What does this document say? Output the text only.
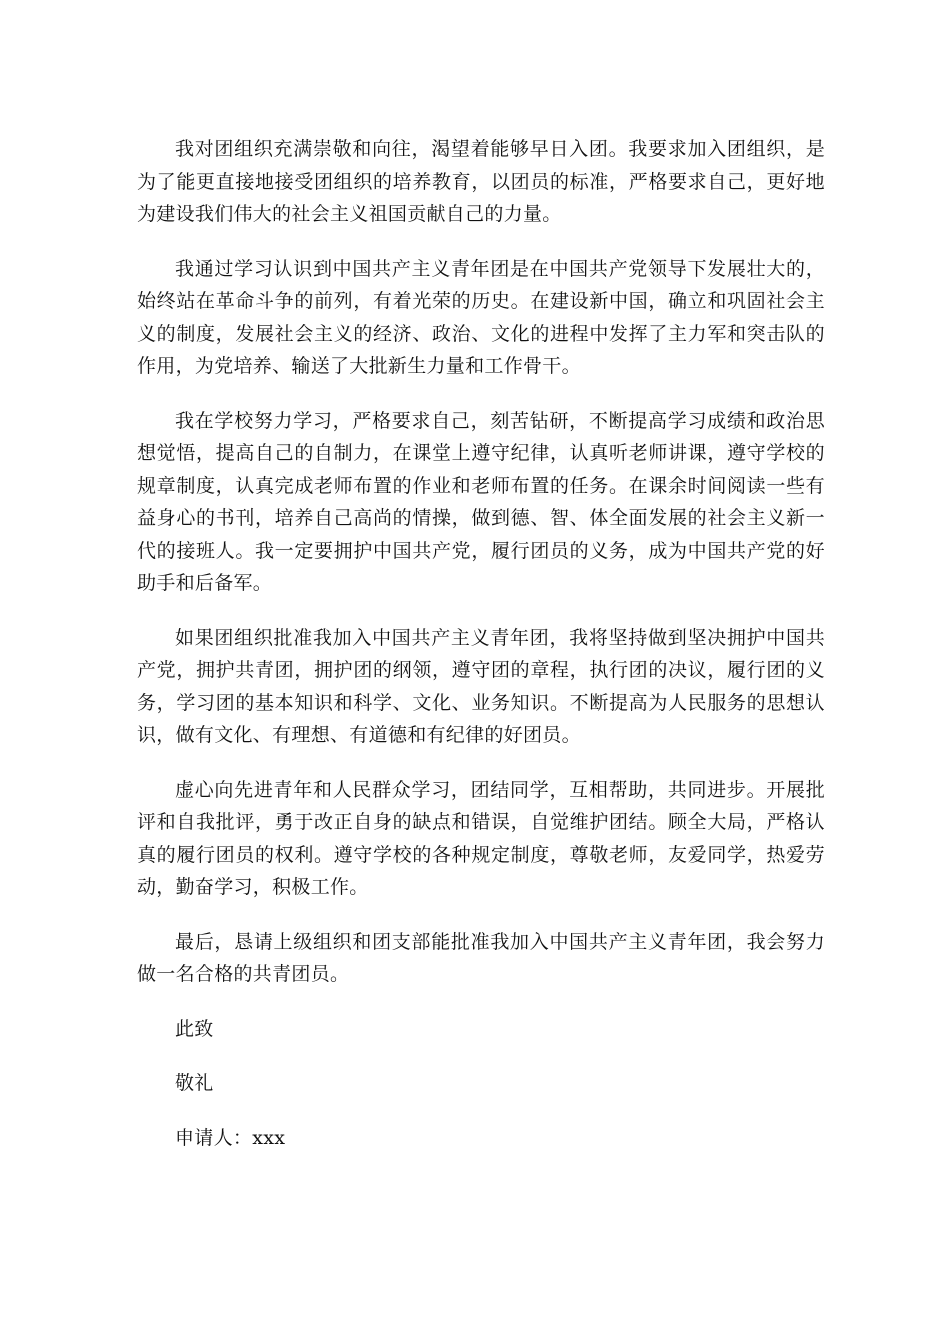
我对团组织充满崇敬和向往，渴望着能够早日入团。我要求加入团组织，是为了能更直接地接受团组织的培养教育，以团员的标准，严格要求自己，更好地为建设我们伟大的社会主义祖国贡献自己的力量。

我通过学习认识到中国共产主义青年团是在中国共产党领导下发展壮大的，始终站在革命斗争的前列，有着光荣的历史。在建设新中国，确立和巩固社会主义的制度，发展社会主义的经济、政治、文化的进程中发挥了主力军和突击队的作用，为党培养、输送了大批新生力量和工作骨干。

我在学校努力学习，严格要求自己，刻苦钻研，不断提高学习成绩和政治思想觉悟，提高自己的自制力，在课堂上遵守纪律，认真听老师讲课，遵守学校的规章制度，认真完成老师布置的作业和老师布置的任务。在课余时间阅读一些有益身心的书刊，培养自己高尚的情操，做到德、智、体全面发展的社会主义新一代的接班人。我一定要拥护中国共产党，履行团员的义务，成为中国共产党的好助手和后备军。

如果团组织批准我加入中国共产主义青年团，我将坚持做到坚决拥护中国共产党，拥护共青团，拥护团的纲领，遵守团的章程，执行团的决议，履行团的义务，学习团的基本知识和科学、文化、业务知识。不断提高为人民服务的思想认识，做有文化、有理想、有道德和有纪律的好团员。

虚心向先进青年和人民群众学习，团结同学，互相帮助，共同进步。开展批评和自我批评，勇于改正自身的缺点和错误，自觉维护团结。顾全大局，严格认真的履行团员的权利。遵守学校的各种规定制度，尊敬老师，友爱同学，热爱劳动，勤奋学习，积极工作。

最后，恳请上级组织和团支部能批准我加入中国共产主义青年团，我会努力做一名合格的共青团员。

此致

敬礼

申请人：xxx
